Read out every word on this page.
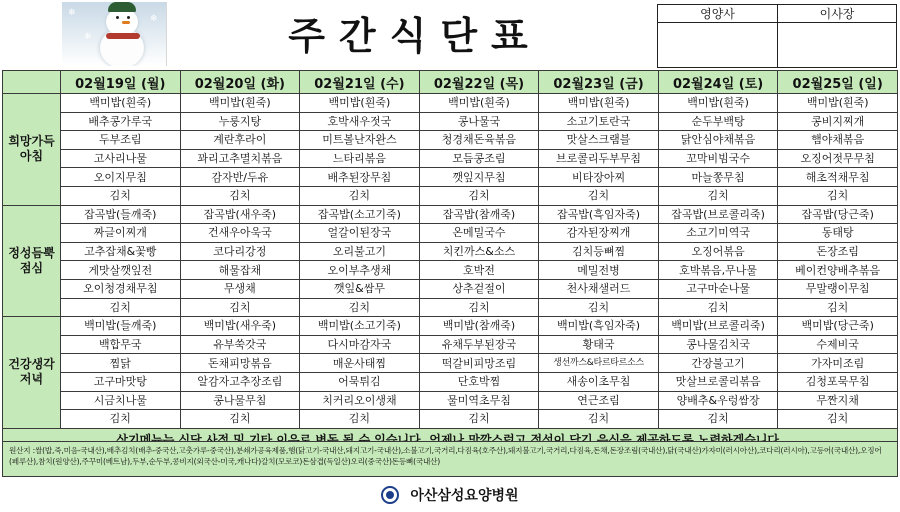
❄
❄
❄	주간식단표	영양사	이사장
	02월19일 (월)	02월20일 (화)	02월21일 (수)	02월22일 (목)	02월23일 (금)	02월24일 (토)	02월25일 (일)
희망가득
아침	백미밥(흰죽)	백미밥(흰죽)	백미밥(흰죽)	백미밥(흰죽)	백미밥(흰죽)	백미밥(흰죽)	백미밥(흰죽)
	배추콩가루국	누룽지탕	호박새우젓국	콩나물국	소고기토란국	순두부백탕	콩비지찌개
	두부조림	계란후라이	미트볼난자완스	청경채돈육볶음	맛살스크램블	닭안심야채볶음	햄야채볶음
	고사리나물	꽈리고추멸치볶음	느타리볶음	모듬콩조림	브로콜리두부무침	꼬막비빔국수	오징어젓무무침
	오이지무침	감자반/두유	배추된장무침	깻잎지무침	비타장아찌	마늘쫑무침	해초적채무침
	김치	김치	김치	김치	김치	김치	김치
정성듬뿍
점심	잡곡밥(들깨죽)	잡곡밥(새우죽)	잡곡밥(소고기죽)	잡곡밥(참깨죽)	잡곡밥(흑임자죽)	잡곡밥(브로콜리죽)	잡곡밥(당근죽)
	짜글이찌개	건새우아욱국	얼갈이된장국	온메밀국수	감자된장찌개	소고기미역국	동태탕
	고추잡채&꽃빵	코다리강정	오리불고기	치킨까스&소스	김치등뼈찜	오징어볶음	돈장조림
	게맛살깻잎전	해물잡채	오이부추생채	호박전	메밀전병	호박볶음,무나물	베이컨양배추볶음
	오이청경채무침	무생채	깻잎&쌈무	상추겉절이	천사채샐러드	고구마순나물	무말랭이무침
	김치	김치	김치	김치	김치	김치	김치
건강생각
저녁	백미밥(들깨죽)	백미밥(새우죽)	백미밥(소고기죽)	백미밥(참깨죽)	백미밥(흑임자죽)	백미밥(브로콜리죽)	백미밥(당근죽)
	백합무국	유부쑥갓국	다시마감자국	유채두부된장국	황태국	콩나물김치국	수제비국
	찜닭	돈채피망볶음	매운사태찜	떡갈비피망조림	생선까스&타르타르소스	간장불고기	가자미조림
	고구마맛탕	알감자고추장조림	어묵튀김	단호박찜	새송이초무침	맛살브로콜리볶음	김청포묵무침
	시금치나물	콩나물무침	치커리오이생채	물미역초무침	연근조림	양배추&우렁쌈장	무짠지채
	김치	김치	김치	김치	김치	김치	김치

원산지 :쌀(밥,죽,미음-국내산),배추김치(배추-중국산,고춧가루-중국산),분쇄가공육제품,햄(닭고기-국내산,돼지고기-국내산),소불고기,국거리,다짐육(호주산),돼지불고기,국거리,다짐육,돈채,돈장조림(국내산),닭(국내산)가자미(러시아산),코다리(러시아),고등어(국내산),오징어(페루산),참치(원양산),주꾸미(베트남),두부,순두부,콩비지(외국산-미국,캐나다)갈치(모로코)돈삼겹(독일산)오리(중국산)돈등뼈(국내산)
아산삼성요양병원
